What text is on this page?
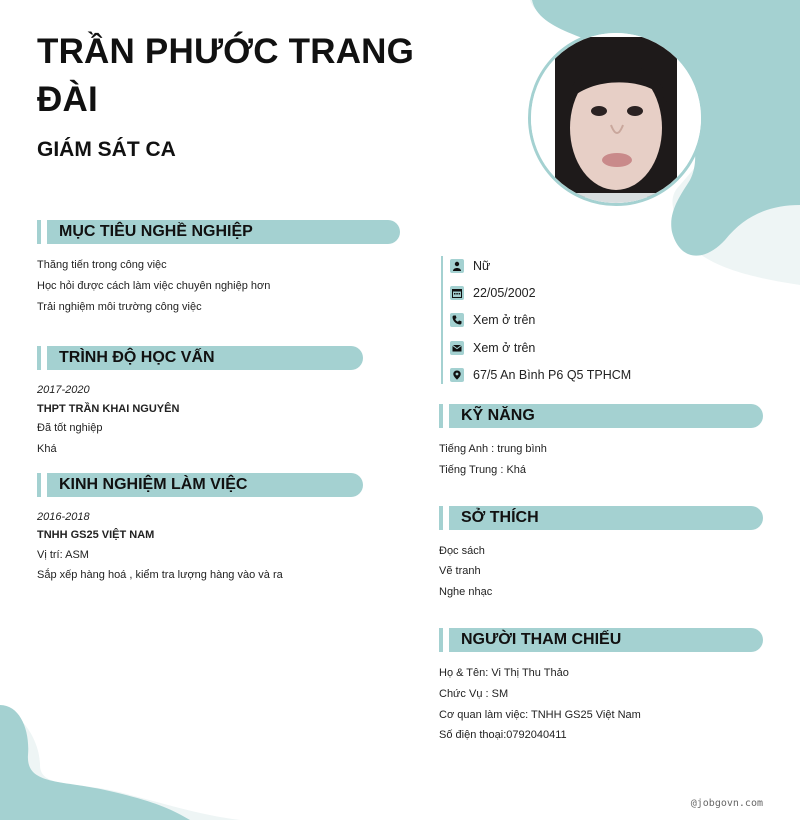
TRẦN PHƯỚC TRANG ĐÀI
GIÁM SÁT CA
MỤC TIÊU NGHỀ NGHIỆP
Thăng tiến trong công việc
Học hỏi được cách làm việc chuyên nghiệp hơn
Trải nghiệm môi trường công việc
TRÌNH ĐỘ HỌC VẤN
2017-2020
THPT TRẦN KHAI NGUYÊN
Đã tốt nghiệp
Khá
KINH NGHIỆM LÀM VIỆC
2016-2018
TNHH GS25 VIỆT NAM
Vị trí: ASM
Sắp xếp hàng hoá , kiểm tra lượng hàng vào và ra
Nữ
22/05/2002
Xem ở trên
Xem ở trên
67/5 An Bình P6 Q5 TPHCM
KỸ NĂNG
Tiếng Anh : trung bình
Tiếng Trung : Khá
SỞ THÍCH
Đọc sách
Vẽ tranh
Nghe nhạc
NGƯỜI THAM CHIẾU
Họ & Tên: Vi Thị Thu Thảo
Chức Vụ : SM
Cơ quan làm việc: TNHH GS25 Việt Nam
Số điện thoại:0792040411
@jobgovn.com
